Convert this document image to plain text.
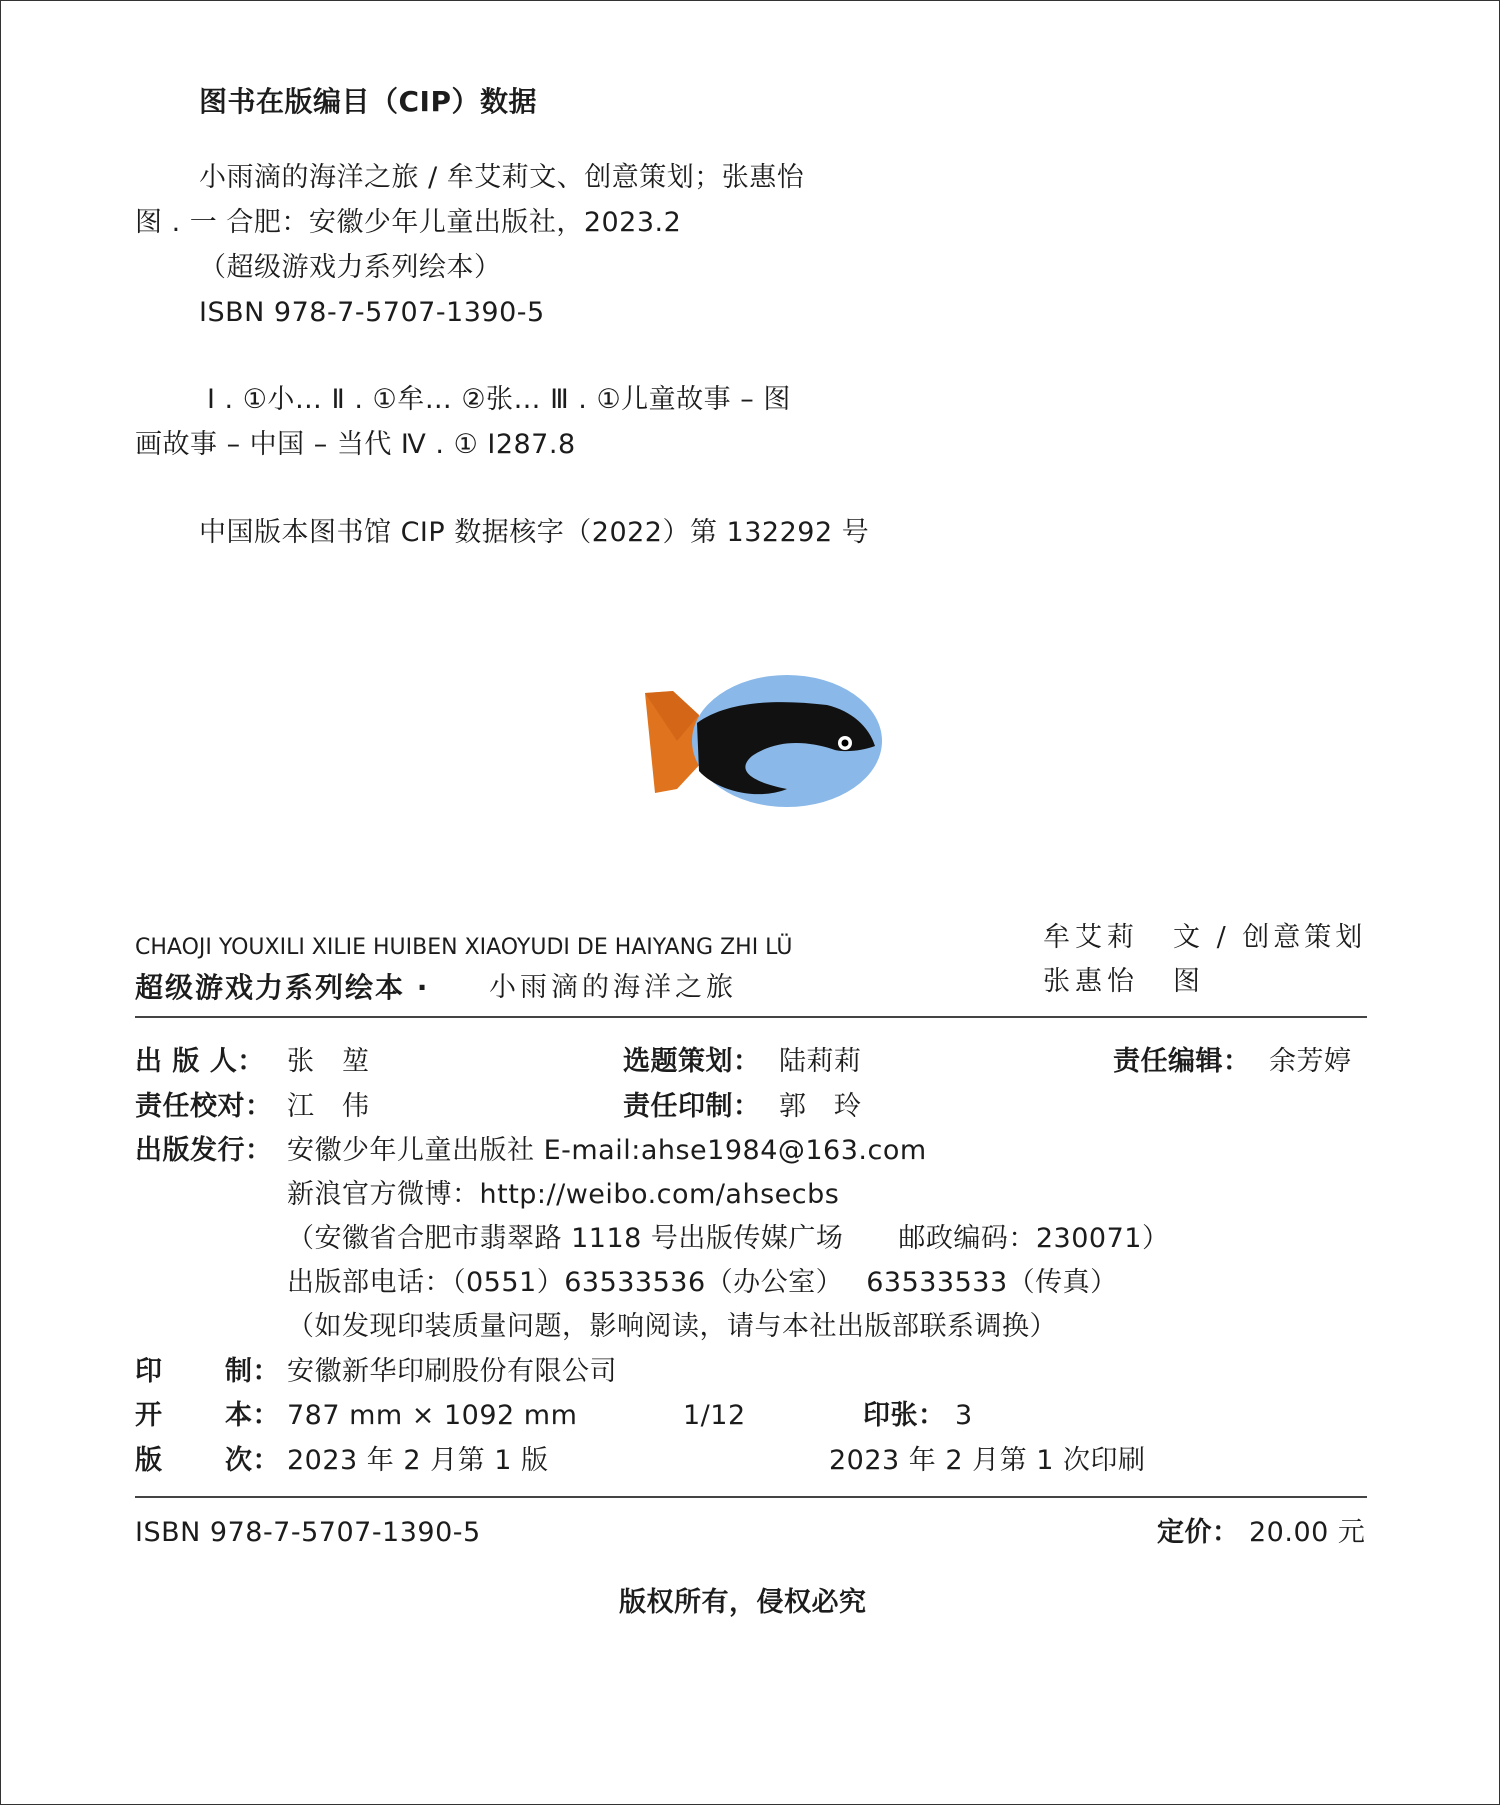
图书在版编目（CIP）数据
小雨滴的海洋之旅 / 牟艾莉文、创意策划；张惠怡
图 . 一 合肥：安徽少年儿童出版社，2023.2
（超级游戏力系列绘本）
ISBN 978-7-5707-1390-5
Ⅰ . ①小… Ⅱ . ①牟… ②张… Ⅲ . ①儿童故事 – 图
画故事 – 中国 – 当代 Ⅳ . ① I287.8
中国版本图书馆 CIP 数据核字（2022）第 132292 号
CHAOJI YOUXILI XILIE HUIBEN XIAOYUDI DE HAIYANG ZHI LÜ
超级游戏力系列绘本 · 小雨滴的海洋之旅
牟艾莉 文 / 创意策划
张惠怡 图
出 版 人： 张　堃	选题策划： 陆莉莉	责任编辑： 余芳婷
责任校对： 江　伟	责任印制： 郭　玲
出版发行： 安徽少年儿童出版社 E-mail:ahse1984@163.com
新浪官方微博：http://weibo.com/ahsecbs
（安徽省合肥市翡翠路 1118 号出版传媒广场　　邮政编码：230071）
出版部电话：（0551）63533536（办公室）　 63533533（传真）
（如发现印装质量问题，影响阅读，请与本社出版部联系调换）
印 制： 安徽新华印刷股份有限公司
开 本： 787 mm × 1092 mm	1/12	印张： 3
版 次： 2023 年 2 月第 1 版	2023 年 2 月第 1 次印刷
ISBN 978-7-5707-1390-5	定价： 20.00 元
版权所有，侵权必究
